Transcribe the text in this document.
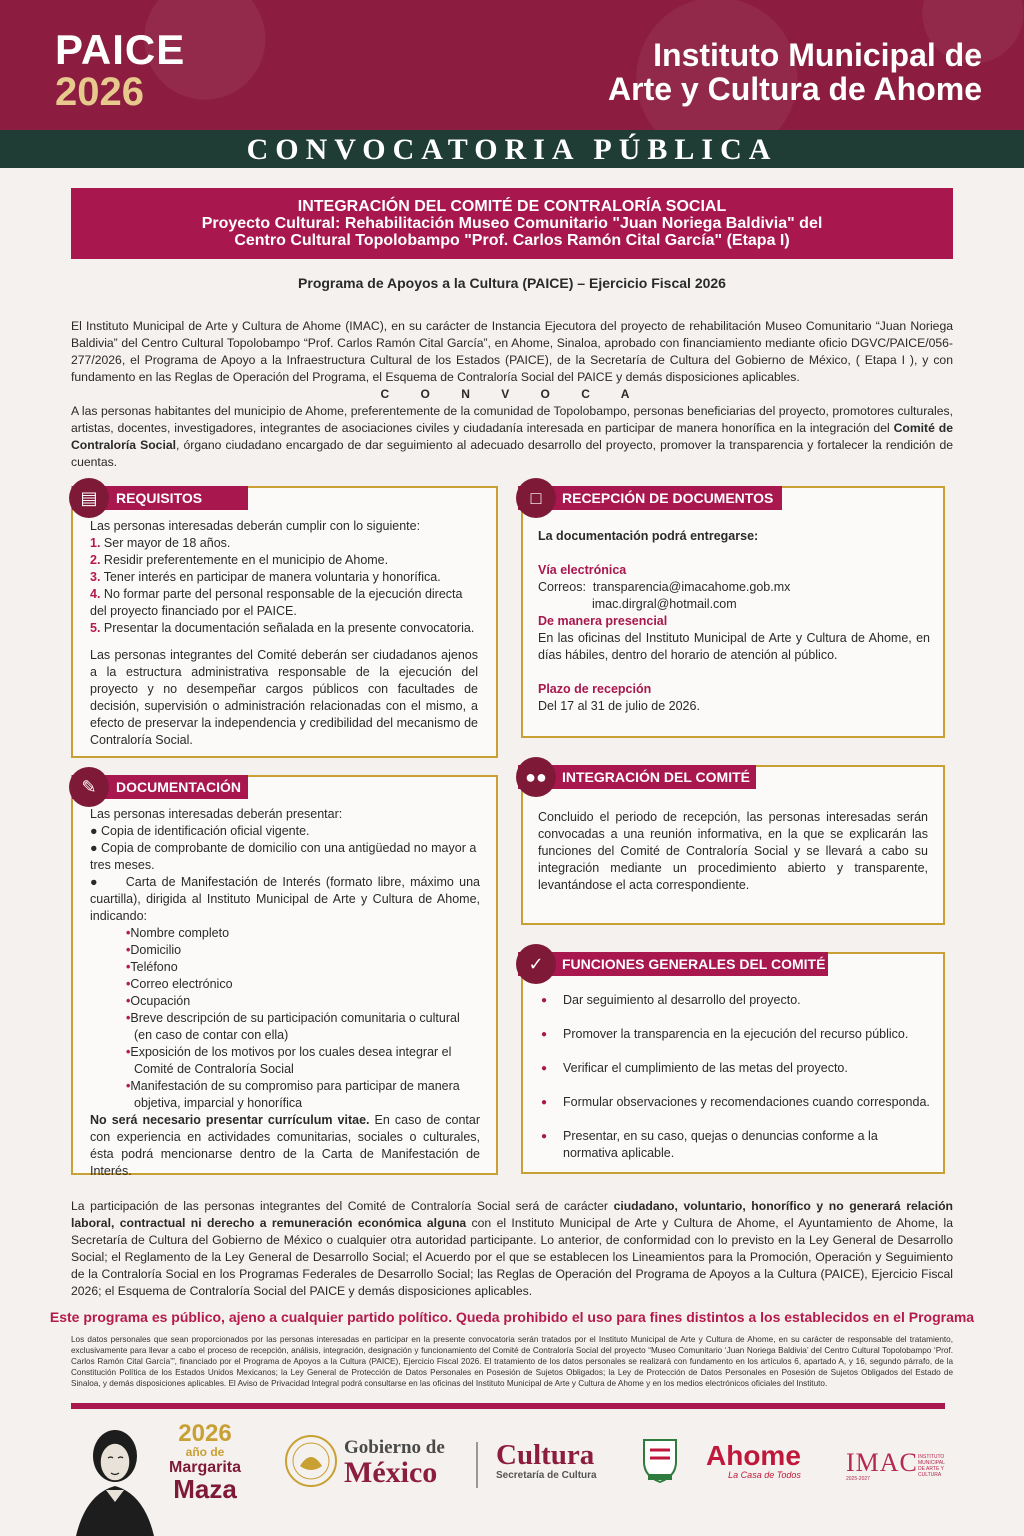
PAICE
2026
Instituto Municipal de
Arte y Cultura de Ahome
CONVOCATORIA PÚBLICA
INTEGRACIÓN DEL COMITÉ DE CONTRALORÍA SOCIAL
Proyecto Cultural: Rehabilitación Museo Comunitario "Juan Noriega Baldivia" del
Centro Cultural Topolobampo "Prof. Carlos Ramón Cital García" (Etapa I)
Programa de Apoyos a la Cultura (PAICE) – Ejercicio Fiscal 2026
El Instituto Municipal de Arte y Cultura de Ahome (IMAC), en su carácter de Instancia Ejecutora del proyecto de rehabilitación Museo Comunitario “Juan Noriega Baldivia” del Centro Cultural Topolobampo “Prof. Carlos Ramón Cital García”, en Ahome, Sinaloa, aprobado con financiamiento mediante oficio DGVC/PAICE/056-277/2026, el Programa de Apoyo a la Infraestructura Cultural de los Estados (PAICE), de la Secretaría de Cultura del Gobierno de México, ( Etapa I ), y con fundamento en las Reglas de Operación del Programa, el Esquema de Contraloría Social del PAICE y demás disposiciones aplicables.
C O N V O C A
A las personas habitantes del municipio de Ahome, preferentemente de la comunidad de Topolobampo, personas beneficiarias del proyecto, promotores culturales, artistas, docentes, investigadores, integrantes de asociaciones civiles y ciudadanía interesada en participar de manera honorífica en la integración del Comité de Contraloría Social, órgano ciudadano encargado de dar seguimiento al adecuado desarrollo del proyecto, promover la transparencia y fortalecer la rendición de cuentas.
Las personas interesadas deberán cumplir con lo siguiente:
1. Ser mayor de 18 años.
2. Residir preferentemente en el municipio de Ahome.
3. Tener interés en participar de manera voluntaria y honorífica.
4. No formar parte del personal responsable de la ejecución directa del proyecto financiado por el PAICE.
5. Presentar la documentación señalada en la presente convocatoria.
Las personas integrantes del Comité deberán ser ciudadanos ajenos a la estructura administrativa responsable de la ejecución del proyecto y no desempeñar cargos públicos con facultades de decisión, supervisión o administración relacionadas con el mismo, a efecto de preservar la independencia y credibilidad del mecanismo de Contraloría Social.
REQUISITOS
▤
La documentación podrá entregarse:
Vía electrónica
Correos: transparencia@imacahome.gob.mx
imac.dirgral@hotmail.com
De manera presencial
En las oficinas del Instituto Municipal de Arte y Cultura de Ahome, en días hábiles, dentro del horario de atención al público.
Plazo de recepción
Del 17 al 31 de julio de 2026.
RECEPCIÓN DE DOCUMENTOS
□
Las personas interesadas deberán presentar:
● Copia de identificación oficial vigente.
● Copia de comprobante de domicilio con una antigüedad no mayor a tres meses.
●     Carta de Manifestación de Interés (formato libre, máximo una cuartilla), dirigida al Instituto Municipal de Arte y Cultura de Ahome, indicando:
•Nombre completo
•Domicilio
•Teléfono
•Correo electrónico
•Ocupación
•Breve descripción de su participación comunitaria o cultural (en caso de contar con ella)
•Exposición de los motivos por los cuales desea integrar el Comité de Contraloría Social
•Manifestación de su compromiso para participar de manera objetiva, imparcial y honorífica
No será necesario presentar currículum vitae. En caso de contar con experiencia en actividades comunitarias, sociales o culturales, ésta podrá mencionarse dentro de la Carta de Manifestación de Interés.
DOCUMENTACIÓN
✎
Concluido el periodo de recepción, las personas interesadas serán convocadas a una reunión informativa, en la que se explicarán las funciones del Comité de Contraloría Social y se llevará a cabo su integración mediante un procedimiento abierto y transparente, levantándose el acta correspondiente.
INTEGRACIÓN DEL COMITÉ
●●
● Dar seguimiento al desarrollo del proyecto.
● Promover la transparencia en la ejecución del recurso público.
● Verificar el cumplimiento de las metas del proyecto.
● Formular observaciones y recomendaciones cuando corresponda.
● Presentar, en su caso, quejas o denuncias conforme a la normativa aplicable.
FUNCIONES GENERALES DEL COMITÉ
✓
La participación de las personas integrantes del Comité de Contraloría Social será de carácter ciudadano, voluntario, honorífico y no generará relación laboral, contractual ni derecho a remuneración económica alguna con el Instituto Municipal de Arte y Cultura de Ahome, el Ayuntamiento de Ahome, la Secretaría de Cultura del Gobierno de México o cualquier otra autoridad participante. Lo anterior, de conformidad con lo previsto en la Ley General de Desarrollo Social; el Reglamento de la Ley General de Desarrollo Social; el Acuerdo por el que se establecen los Lineamientos para la Promoción, Operación y Seguimiento de la Contraloría Social en los Programas Federales de Desarrollo Social; las Reglas de Operación del Programa de Apoyos a la Cultura (PAICE), Ejercicio Fiscal 2026; el Esquema de Contraloría Social del PAICE y demás disposiciones aplicables.
Este programa es público, ajeno a cualquier partido político. Queda prohibido el uso para fines distintos a los establecidos en el Programa
Los datos personales que sean proporcionados por las personas interesadas en participar en la presente convocatoria serán tratados por el Instituto Municipal de Arte y Cultura de Ahome, en su carácter de responsable del tratamiento, exclusivamente para llevar a cabo el proceso de recepción, análisis, integración, designación y funcionamiento del Comité de Contraloría Social del proyecto “Museo Comunitario ‘Juan Noriega Baldivia’ del Centro Cultural Topolobampo ‘Prof. Carlos Ramón Cital García’”, financiado por el Programa de Apoyos a la Cultura (PAICE), Ejercicio Fiscal 2026. El tratamiento de los datos personales se realizará con fundamento en los artículos 6, apartado A, y 16, segundo párrafo, de la Constitución Política de los Estados Unidos Mexicanos; la Ley General de Protección de Datos Personales en Posesión de Sujetos Obligados; la Ley de Protección de Datos Personales en Posesión de Sujetos Obligados del Estado de Sinaloa, y demás disposiciones aplicables. El Aviso de Privacidad Integral podrá consultarse en las oficinas del Instituto Municipal de Arte y Cultura de Ahome y en los medios electrónicos oficiales del Instituto.
2026
año de
Margarita
Maza
Gobierno de
México
Cultura
Secretaría de Cultura
Ahome
La Casa de Todos IMAC
2025-2027
INSTITUTO MUNICIPAL DE ARTE Y CULTURA
